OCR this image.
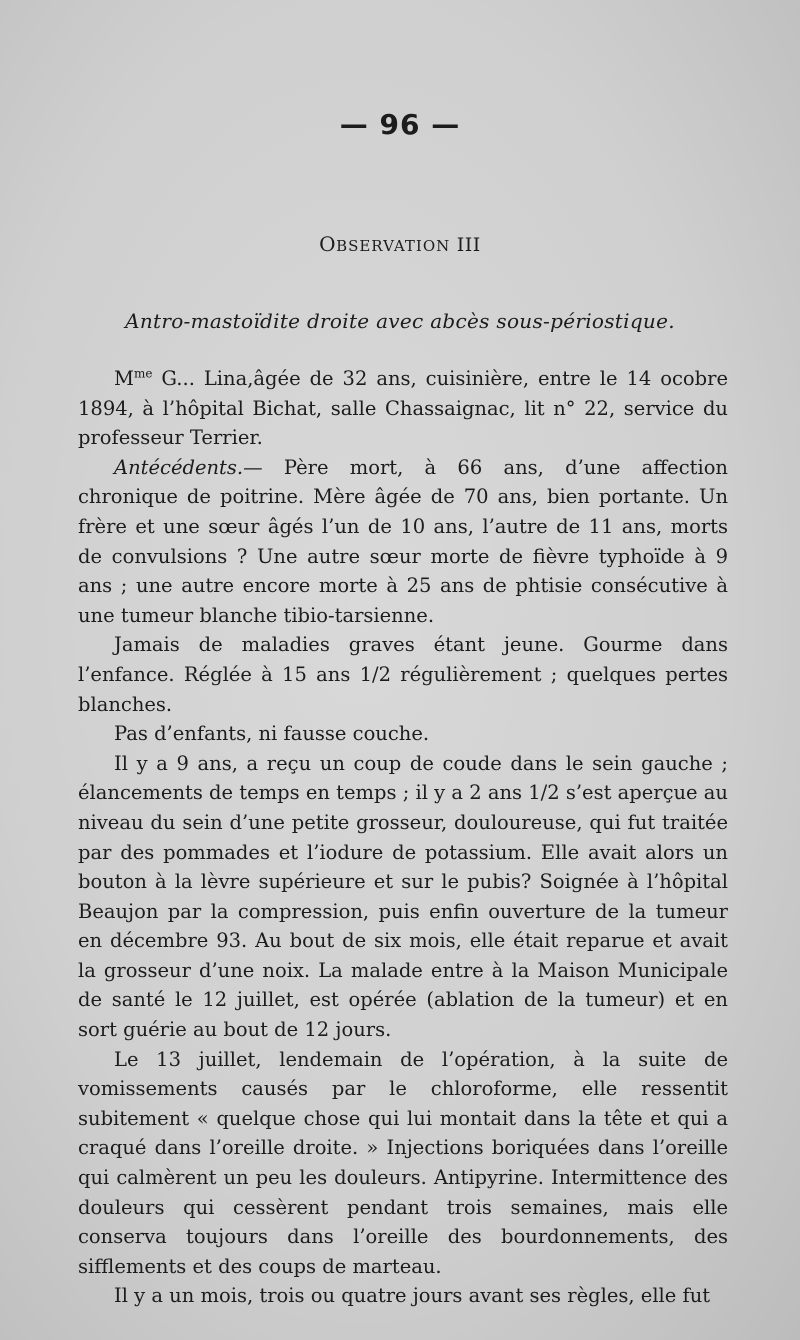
— 96 —
OBSERVATION III
Antro-mastoïdite droite avec abcès sous-périostique.

$M^{me}$ G... Lina,âgée de 32 ans, cuisinière, entre le 14 ocobre 1894, à l’hôpital Bichat, salle Chassaignac, lit n° 22, service du professeur Terrier.

Antécédents.— Père mort, à 66 ans, d’une affection chronique de poitrine. Mère âgée de 70 ans, bien portante. Un frère et une sœur âgés l’un de 10 ans, l’autre de 11 ans, morts de convulsions ? Une autre sœur morte de fièvre typhoïde à 9 ans ; une autre encore morte à 25 ans de phtisie consécutive à une tumeur blanche tibio-tarsienne.

Jamais de maladies graves étant jeune. Gourme dans l’enfance. Réglée à 15 ans 1/2 régulièrement ; quelques pertes blanches.

Pas d’enfants, ni fausse couche.

Il y a 9 ans, a reçu un coup de coude dans le sein gauche ; élancements de temps en temps ; il y a 2 ans 1/2 s’est aperçue au niveau du sein d’une petite grosseur, douloureuse, qui fut traitée par des pommades et l’iodure de potassium. Elle avait alors un bouton à la lèvre supérieure et sur le pubis? Soignée à l’hôpital Beaujon par la compression, puis enfin ouverture de la tumeur en décembre 93. Au bout de six mois, elle était reparue et avait la grosseur d’une noix. La malade entre à la Maison Municipale de santé le 12 juillet, est opérée (ablation de la tumeur) et en sort guérie au bout de 12 jours.

Le 13 juillet, lendemain de l’opération, à la suite de vomissements causés par le chloroforme, elle ressentit subitement « quelque chose qui lui montait dans la tête et qui a craqué dans l’oreille droite. » Injections boriquées dans l’oreille qui calmèrent un peu les douleurs. Antipyrine. Intermittence des douleurs qui cessèrent pendant trois semaines, mais elle conserva toujours dans l’oreille des bourdonnements, des sifflements et des coups de marteau.

Il y a un mois, trois ou quatre jours avant ses règles, elle fut
